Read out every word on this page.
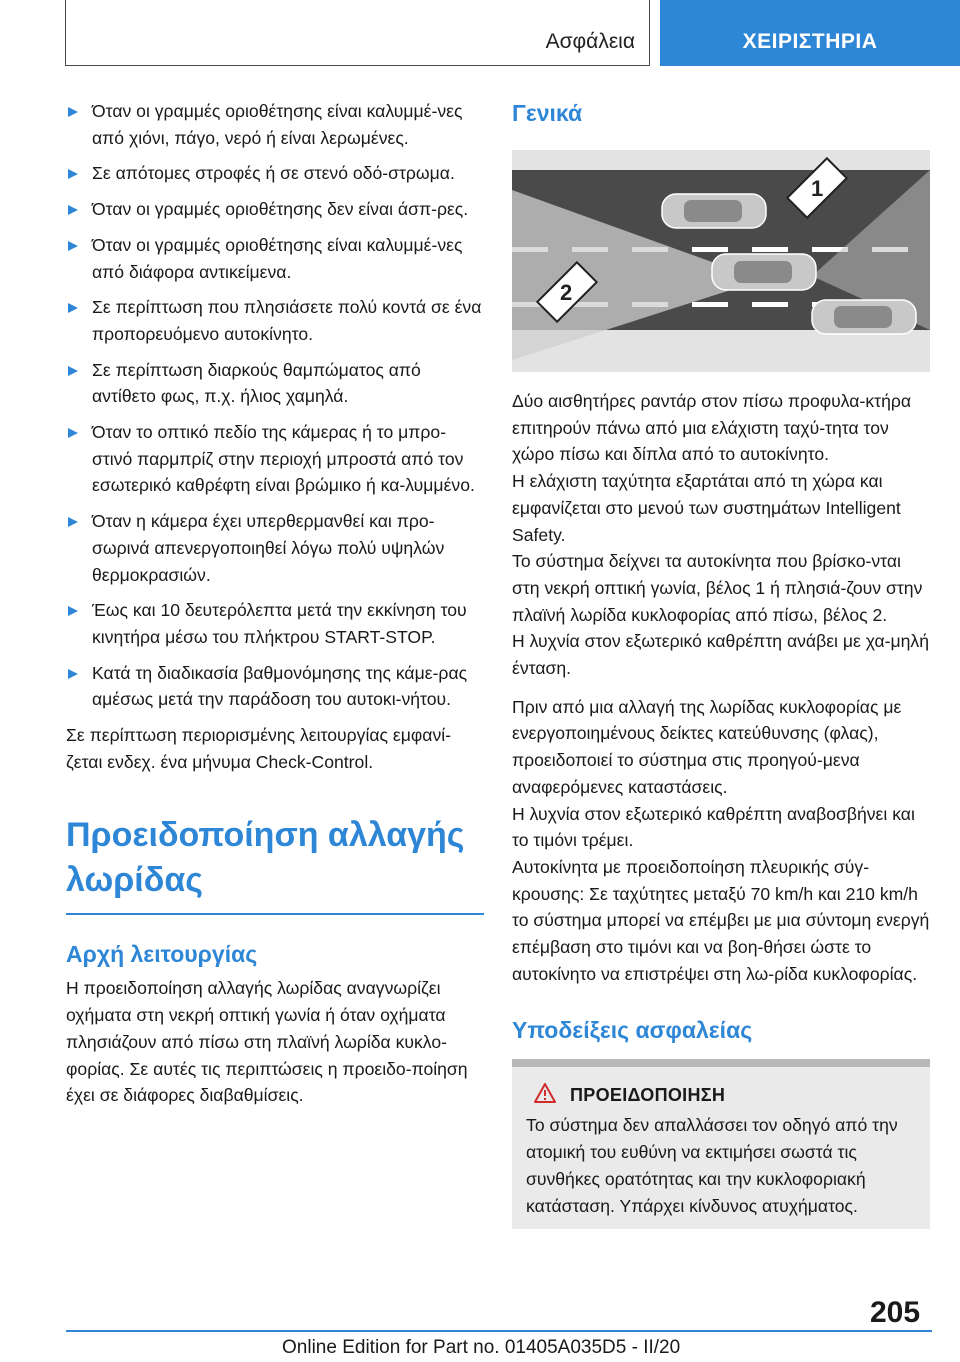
Ασφάλεια	ΧΕΙΡΙΣΤΗΡΙΑ
Όταν οι γραμμές οριοθέτησης είναι καλυμμέ-νες από χιόνι, πάγο, νερό ή είναι λερωμένες.
Σε απότομες στροφές ή σε στενό οδό-στρωμα.
Όταν οι γραμμές οριοθέτησης δεν είναι άσπ-ρες.
Όταν οι γραμμές οριοθέτησης είναι καλυμμέ-νες από διάφορα αντικείμενα.
Σε περίπτωση που πλησιάσετε πολύ κοντά σε ένα προπορευόμενο αυτοκίνητο.
Σε περίπτωση διαρκούς θαμπώματος από αντίθετο φως, π.χ. ήλιος χαμηλά.
Όταν το οπτικό πεδίο της κάμερας ή το μπρο-στινό παρμπρίζ στην περιοχή μπροστά από τον εσωτερικό καθρέφτη είναι βρώμικο ή κα-λυμμένο.
Όταν η κάμερα έχει υπερθερμανθεί και προ-σωρινά απενεργοποιηθεί λόγω πολύ υψηλών θερμοκρασιών.
Έως και 10 δευτερόλεπτα μετά την εκκίνηση του κινητήρα μέσω του πλήκτρου START-STOP.
Κατά τη διαδικασία βαθμονόμησης της κάμε-ρας αμέσως μετά την παράδοση του αυτοκι-νήτου.

Σε περίπτωση περιορισμένης λειτουργίας εμφανί-ζεται ενδεχ. ένα μήνυμα Check-Control.

Προειδοποίηση αλλαγής λωρίδας
Αρχή λειτουργίας

Η προειδοποίηση αλλαγής λωρίδας αναγνωρίζει οχήματα στη νεκρή οπτική γωνία ή όταν οχήματα πλησιάζουν από πίσω στη πλαϊνή λωρίδα κυκλο-φορίας. Σε αυτές τις περιπτώσεις η προειδο-ποίηση έχει σε διάφορες διαβαθμίσεις.

Γενικά
1
2

Δύο αισθητήρες ραντάρ στον πίσω προφυλα-κτήρα επιτηρούν πάνω από μια ελάχιστη ταχύ-τητα τον χώρο πίσω και δίπλα από το αυτοκίνητο.

Η ελάχιστη ταχύτητα εξαρτάται από τη χώρα και εμφανίζεται στο μενού των συστημάτων Intelligent Safety.

Το σύστημα δείχνει τα αυτοκίνητα που βρίσκο-νται στη νεκρή οπτική γωνία, βέλος 1 ή πλησιά-ζουν στην πλαϊνή λωρίδα κυκλοφορίας από πίσω, βέλος 2.

Η λυχνία στον εξωτερικό καθρέπτη ανάβει με χα-μηλή ένταση.

Πριν από μια αλλαγή της λωρίδας κυκλοφορίας με ενεργοποιημένους δείκτες κατεύθυνσης (φλας), προειδοποιεί το σύστημα στις προηγού-μενα αναφερόμενες καταστάσεις.

Η λυχνία στον εξωτερικό καθρέπτη αναβοσβήνει και το τιμόνι τρέμει.

Αυτοκίνητα με προειδοποίηση πλευρικής σύγ-κρουσης: Σε ταχύτητες μεταξύ 70 km/h και 210 km/h το σύστημα μπορεί να επέμβει με μια σύντομη ενεργή επέμβαση στο τιμόνι και να βοη-θήσει ώστε το αυτοκίνητο να επιστρέψει στη λω-ρίδα κυκλοφορίας.

Υποδείξεις ασφαλείας
ΠΡΟΕΙΔΟΠΟΙΗΣΗ

Το σύστημα δεν απαλλάσσει τον οδηγό από την ατομική του ευθύνη να εκτιμήσει σωστά τις συνθήκες ορατότητας και την κυκλοφοριακή κατάσταση. Υπάρχει κίνδυνος ατυχήματος.

205
Online Edition for Part no. 01405A035D5 - II/20
